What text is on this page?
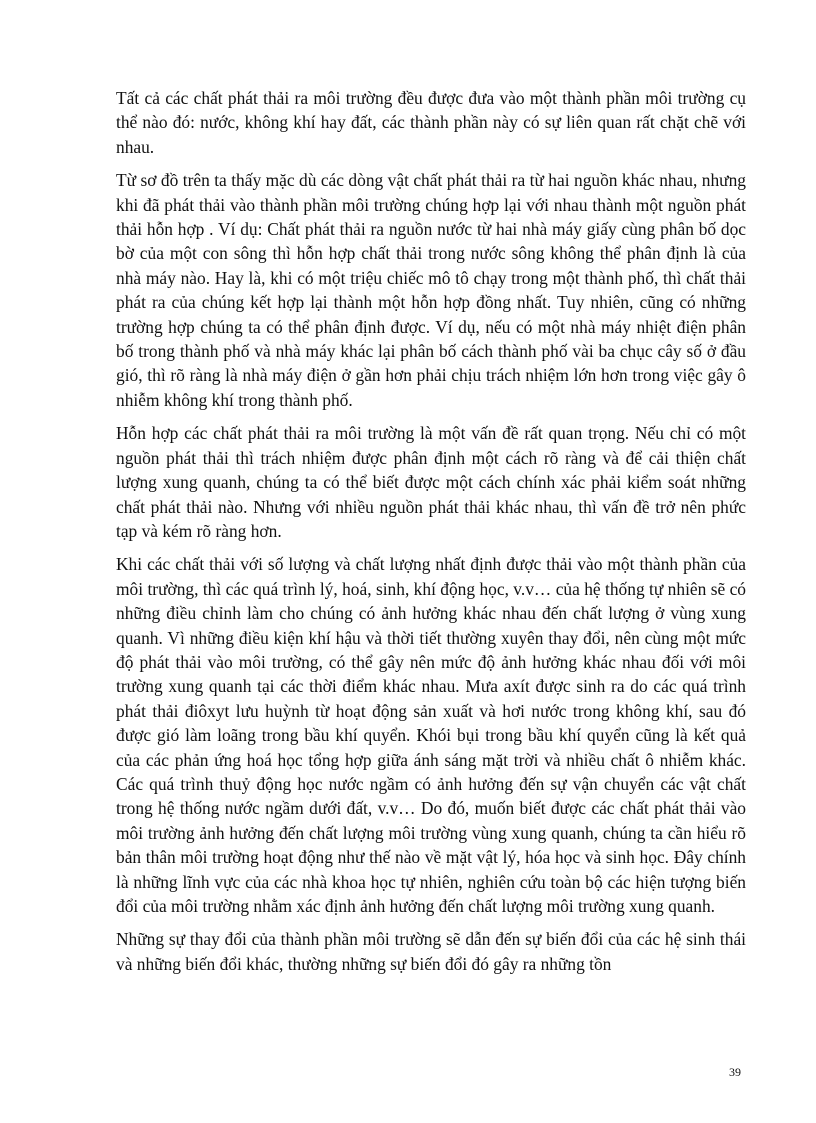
Tất cả các chất phát thải ra môi trường đều được đưa vào một thành phần môi trường cụ thể nào đó: nước, không khí hay đất, các thành phần này có sự liên quan rất chặt chẽ với nhau.

Từ sơ đồ trên ta thấy mặc dù các dòng vật chất phát thải ra từ hai nguồn khác nhau, nhưng khi đã phát thải vào thành phần môi trường chúng hợp lại với nhau thành một nguồn phát thải hỗn hợp . Ví dụ: Chất phát thải ra nguồn nước từ hai nhà máy giấy cùng phân bố dọc bờ của một con sông thì hỗn hợp chất thải trong nước sông không thể phân định là của nhà máy nào. Hay là, khi có một triệu chiếc mô tô chạy trong một thành phố, thì chất thải phát ra của chúng kết hợp lại thành một hỗn hợp đồng nhất. Tuy nhiên, cũng có những trường hợp chúng ta có thể phân định được. Ví dụ, nếu có một nhà máy nhiệt điện phân bố trong thành phố và nhà máy khác lại phân bố cách thành phố vài ba chục cây số ở đầu gió, thì rõ ràng là nhà máy điện ở gần hơn phải chịu trách nhiệm lớn hơn trong việc gây ô nhiễm không khí trong thành phố.

Hỗn hợp các chất phát thải ra môi trường là một vấn đề rất quan trọng. Nếu chỉ có một nguồn phát thải thì trách nhiệm được phân định một cách rõ ràng và để cải thiện chất lượng xung quanh, chúng ta có thể biết được một cách chính xác phải kiểm soát những chất phát thải nào. Nhưng với nhiều nguồn phát thải khác nhau, thì vấn đề trở nên phức tạp và kém rõ ràng hơn.

Khi các chất thải với số lượng và chất lượng nhất định được thải vào một thành phần của môi trường, thì các quá trình lý, hoá, sinh, khí động học, v.v… của hệ thống tự nhiên sẽ có những điều chỉnh làm cho chúng có ảnh hưởng khác nhau đến chất lượng ở vùng xung quanh. Vì những điều kiện khí hậu và thời tiết thường xuyên thay đổi, nên cùng một mức độ phát thải vào môi trường, có thể gây nên mức độ ảnh hưởng khác nhau đối với môi trường xung quanh tại các thời điểm khác nhau. Mưa axít được sinh ra do các quá trình phát thải điôxyt lưu huỳnh từ hoạt động sản xuất và hơi nước trong không khí, sau đó được gió làm loãng trong bầu khí quyển. Khói bụi trong bầu khí quyển cũng là kết quả của các phản ứng hoá học tổng hợp giữa ánh sáng mặt trời và nhiều chất ô nhiễm khác. Các quá trình thuỷ động học nước ngầm có ảnh hưởng đến sự vận chuyển các vật chất trong hệ thống nước ngầm dưới đất, v.v… Do đó, muốn biết được các chất phát thải vào môi trường ảnh hưởng đến chất lượng môi trường vùng xung quanh, chúng ta cần hiểu rõ bản thân môi trường hoạt động như thế nào về mặt vật lý, hóa học và sinh học. Đây chính là những lĩnh vực của các nhà khoa học tự nhiên, nghiên cứu toàn bộ các hiện tượng biến đổi của môi trường nhằm xác định ảnh hưởng đến chất lượng môi trường xung quanh.

Những sự thay đổi của thành phần môi trường sẽ dẫn đến sự biến đổi của các hệ sinh thái và những biến đổi khác, thường những sự biến đổi đó gây ra những tồn

39
